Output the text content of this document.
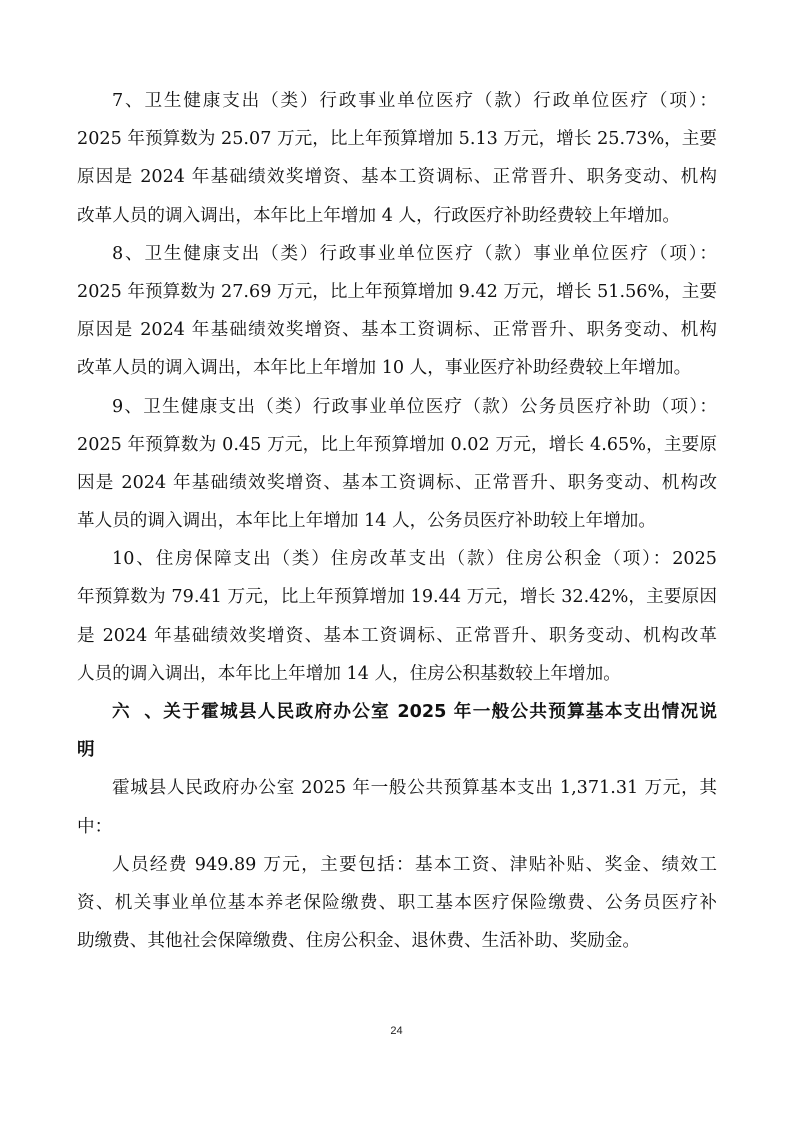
7、卫生健康支出（类）行政事业单位医疗（款）行政单位医疗（项）：
2025 年预算数为 25.07 万元，比上年预算增加 5.13 万元，增长 25.73%，主要
原因是 2024 年基础绩效奖增资、基本工资调标、正常晋升、职务变动、机构
改革人员的调入调出，本年比上年增加 4 人，行政医疗补助经费较上年增加。
8、卫生健康支出（类）行政事业单位医疗（款）事业单位医疗（项）：
2025 年预算数为 27.69 万元，比上年预算增加 9.42 万元，增长 51.56%，主要
原因是 2024 年基础绩效奖增资、基本工资调标、正常晋升、职务变动、机构
改革人员的调入调出，本年比上年增加 10 人，事业医疗补助经费较上年增加。
9、卫生健康支出（类）行政事业单位医疗（款）公务员医疗补助（项）：
2025 年预算数为 0.45 万元，比上年预算增加 0.02 万元，增长 4.65%，主要原
因是 2024 年基础绩效奖增资、基本工资调标、正常晋升、职务变动、机构改
革人员的调入调出，本年比上年增加 14 人，公务员医疗补助较上年增加。
10、住房保障支出（类）住房改革支出（款）住房公积金（项）：2025
年预算数为 79.41 万元，比上年预算增加 19.44 万元，增长 32.42%，主要原因
是 2024 年基础绩效奖增资、基本工资调标、正常晋升、职务变动、机构改革
人员的调入调出，本年比上年增加 14 人，住房公积基数较上年增加。
六、关于霍城县人民政府办公室 2025 年一般公共预算基本支出情况说
明
霍城县人民政府办公室 2025 年一般公共预算基本支出 1,371.31 万元，其
中：
人员经费 949.89 万元，主要包括：基本工资、津贴补贴、奖金、绩效工
资、机关事业单位基本养老保险缴费、职工基本医疗保险缴费、公务员医疗补
助缴费、其他社会保障缴费、住房公积金、退休费、生活补助、奖励金。
24
